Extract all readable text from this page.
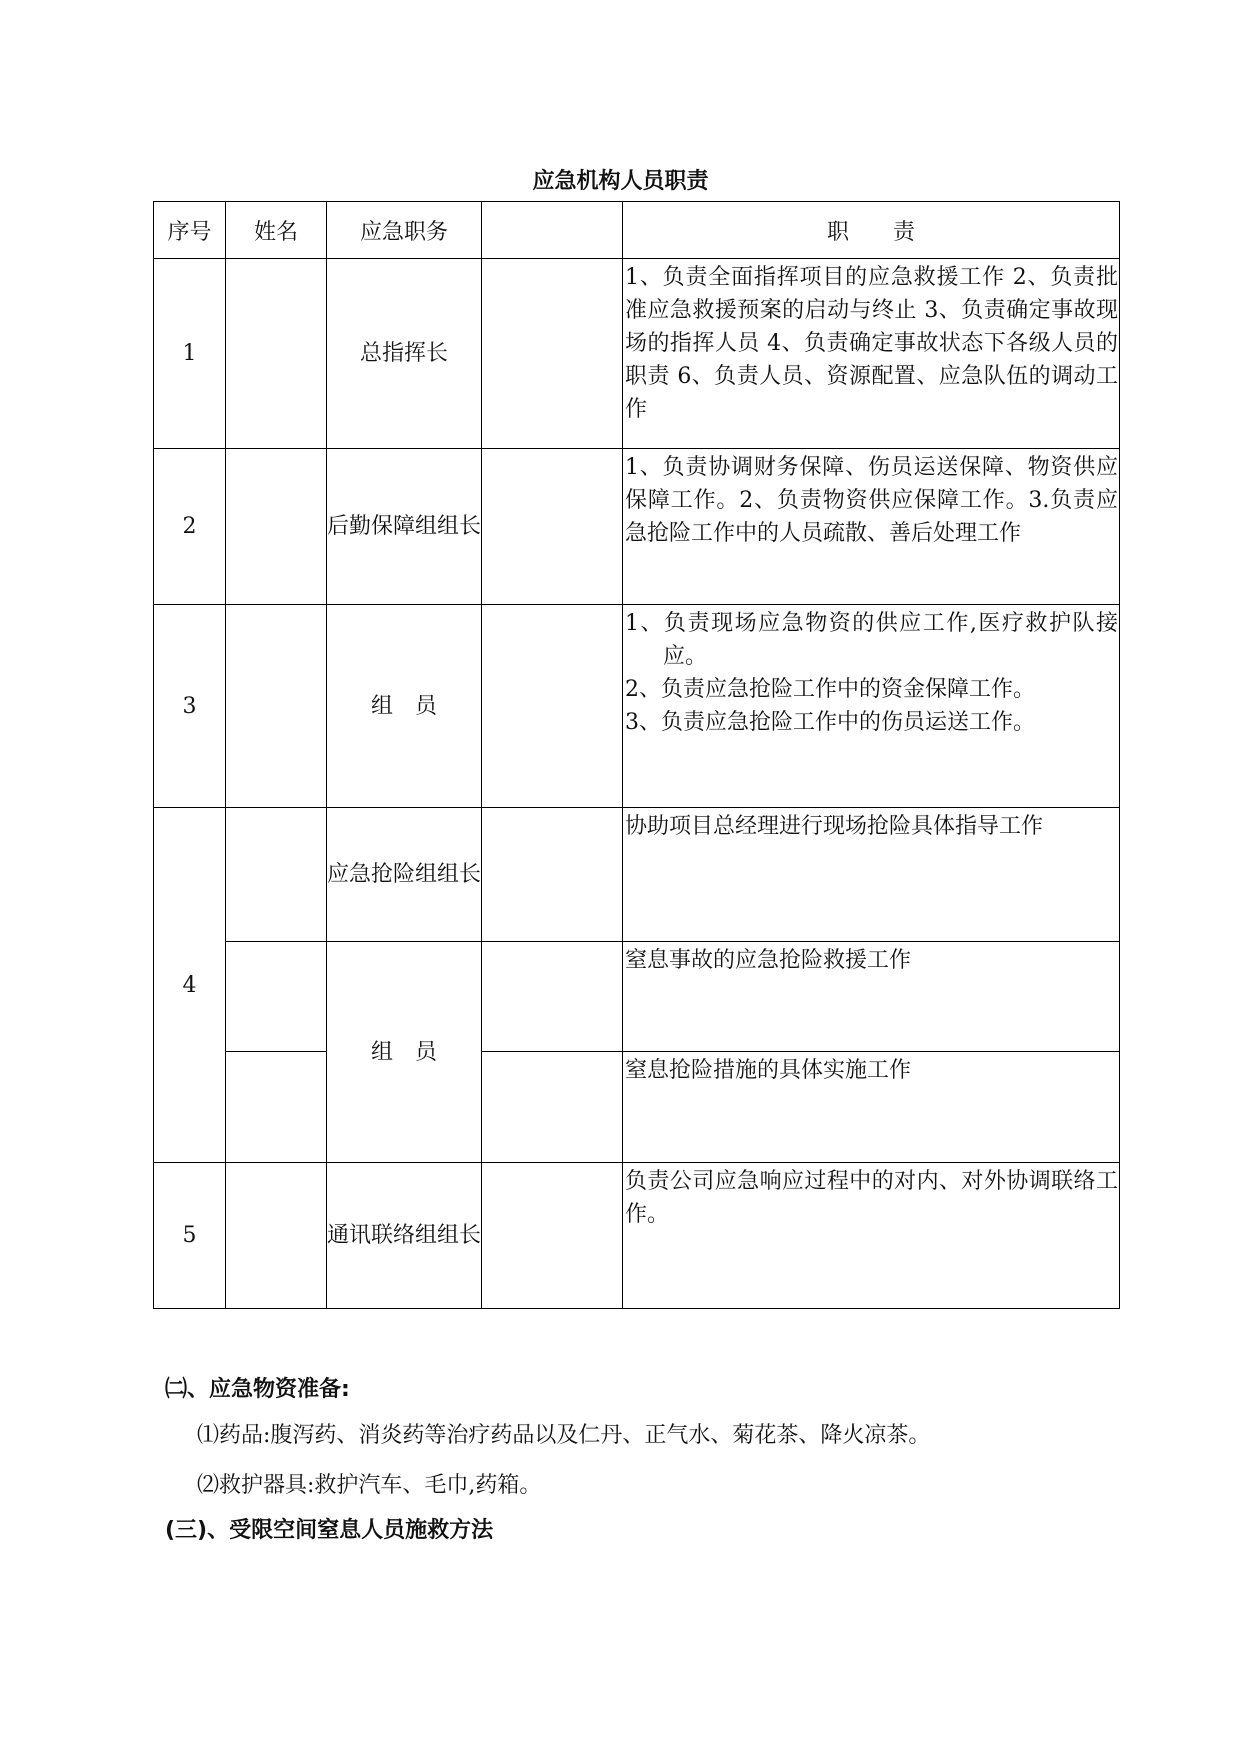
应急机构人员职责
序号	姓名	应急职务		职　　责
1		总指挥长		1、负责全面指挥项目的应急救援工作 2、负责批准应急救援预案的启动与终止 3、负责确定事故现场的指挥人员 4、负责确定事故状态下各级人员的职责 6、负责人员、资源配置、应急队伍的调动工作
2		后勤保障组组长		1、负责协调财务保障、伤员运送保障、物资供应保障工作。2、负责物资供应保障工作。3.负责应急抢险工作中的人员疏散、善后处理工作
3		组　员		1、负责现场应急物资的供应工作,医疗救护队接应。
2、负责应急抢险工作中的资金保障工作。
3、负责应急抢险工作中的伤员运送工作。

4		应急抢险组组长		协助项目总经理进行现场抢险具体指导工作
		组　员		窒息事故的应急抢险救援工作
				窒息抢险措施的具体实施工作
5		通讯联络组组长		负责公司应急响应过程中的对内、对外协调联络工作。

㈡、应急物资准备:

⑴药品:腹泻药、消炎药等治疗药品以及仁丹、正气水、菊花茶、降火凉茶。

⑵救护器具:救护汽车、毛巾,药箱。

(三)、受限空间窒息人员施救方法
